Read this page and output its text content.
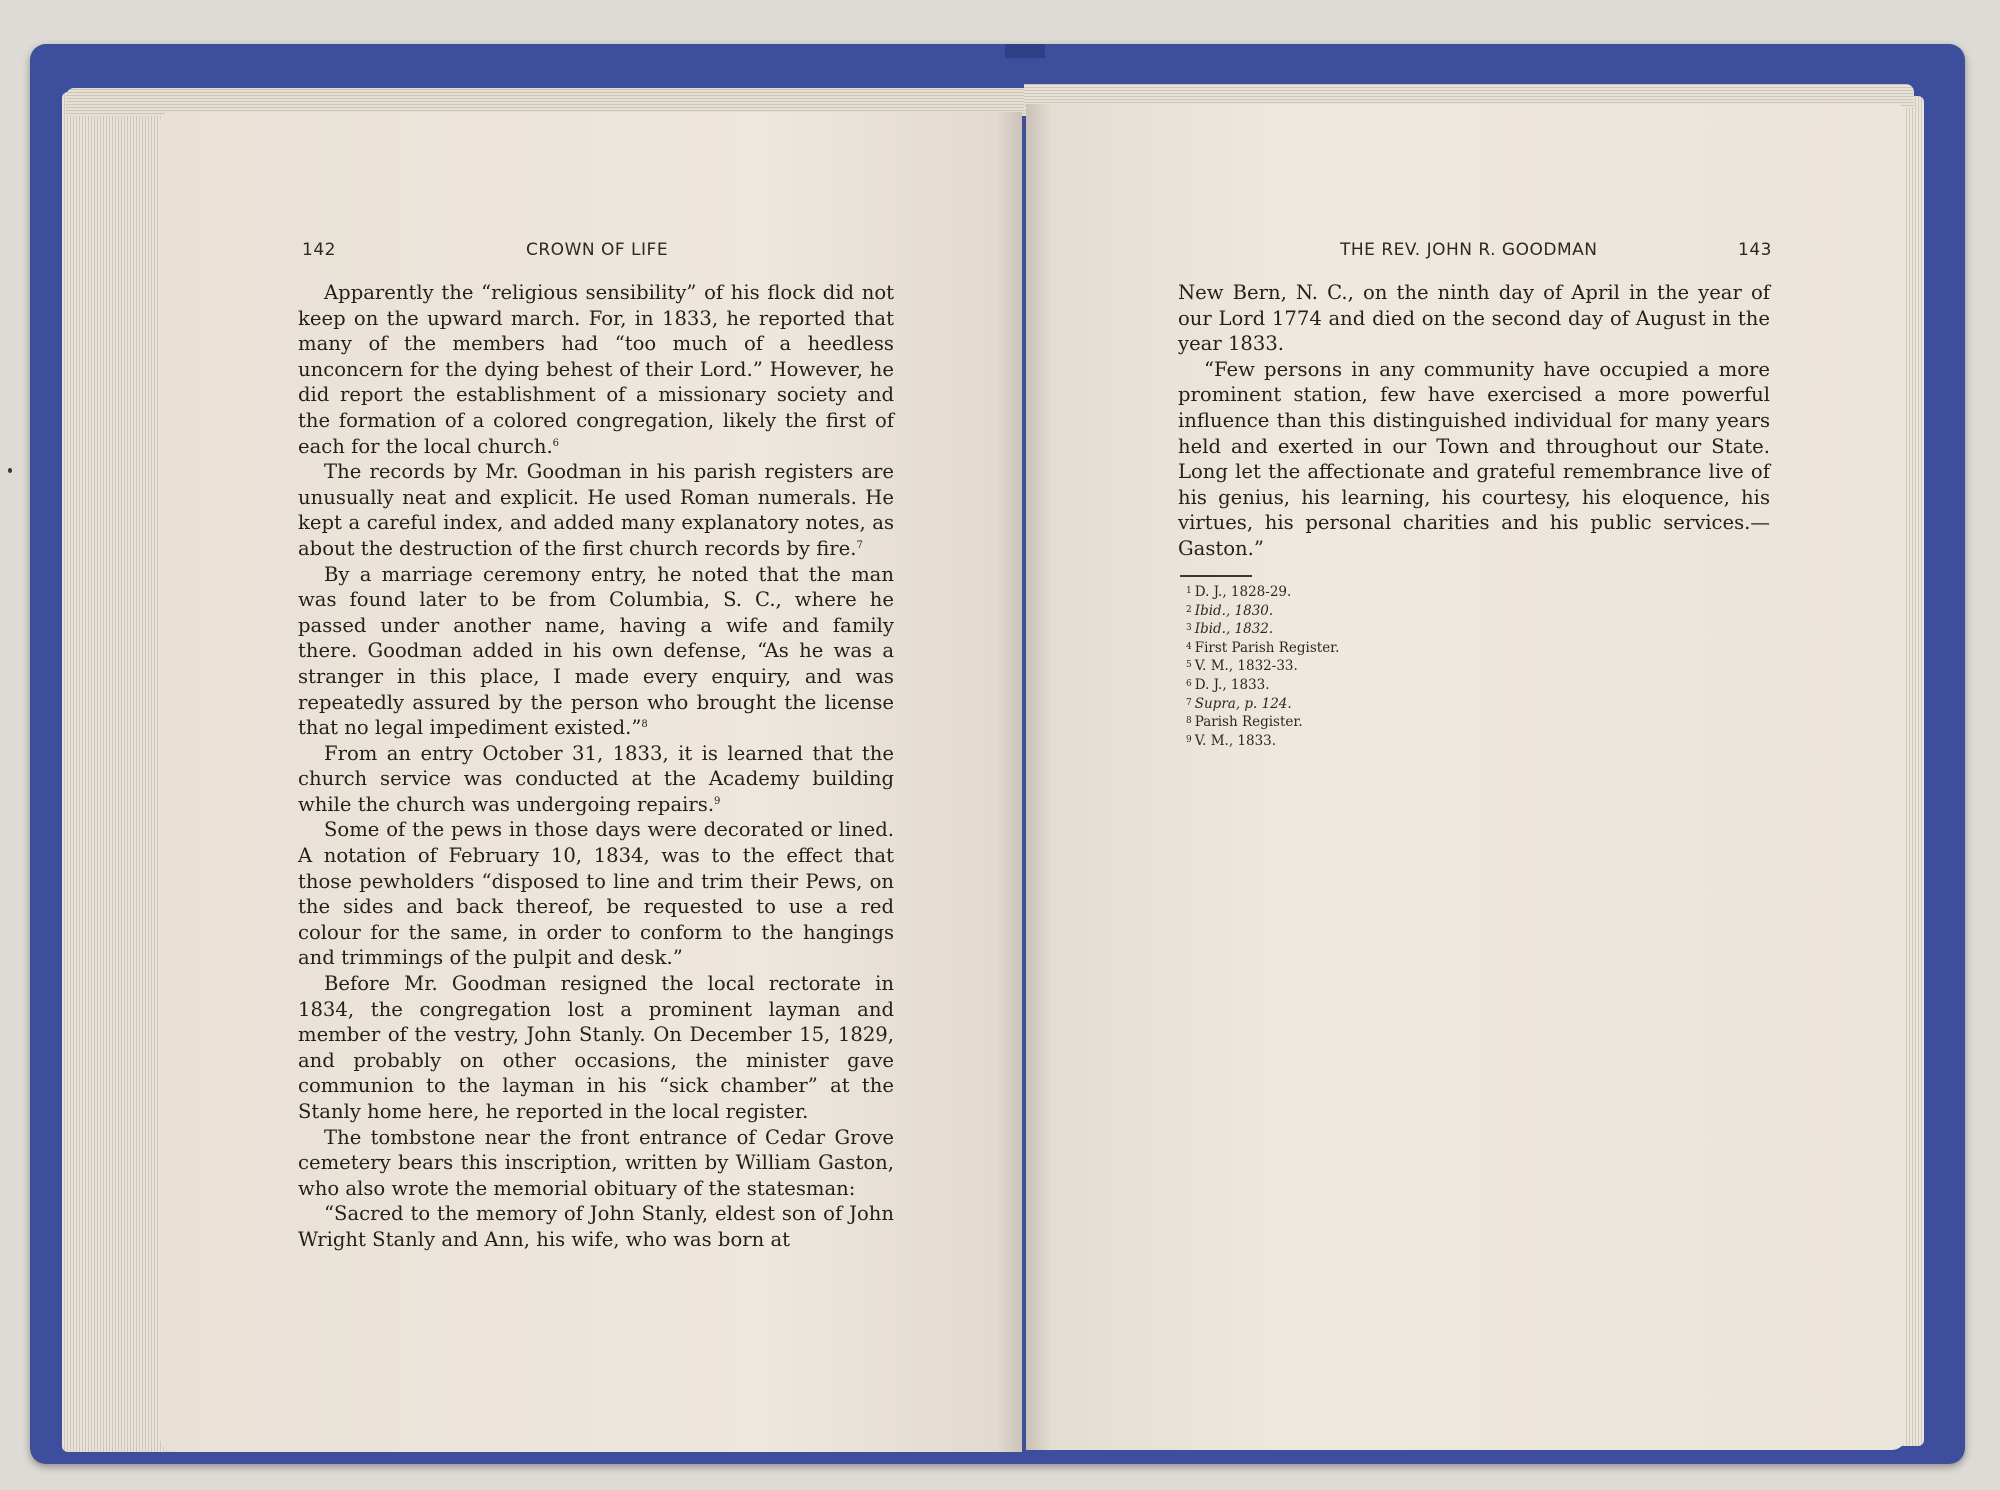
142	CROWN OF LIFE	THE REV. JOHN R. GOODMAN	143

Apparently the “religious sensibility” of his flock did not keep on the upward march. For, in 1833, he reported that many of the members had “too much of a heedless unconcern for the dying behest of their Lord.” However, he did report the establishment of a missionary society and the formation of a colored congregation, likely the first of each for the local church.$^6$

The records by Mr. Goodman in his parish registers are unusually neat and explicit. He used Roman numerals. He kept a careful index, and added many explanatory notes, as about the destruction of the first church records by fire.$^7$

By a marriage ceremony entry, he noted that the man was found later to be from Columbia, S. C., where he passed under another name, having a wife and family there. Goodman added in his own defense, “As he was a stranger in this place, I made every enquiry, and was repeatedly assured by the person who brought the license that no legal impediment existed.”$^8$

From an entry October 31, 1833, it is learned that the church service was conducted at the Academy building while the church was undergoing repairs.$^9$

Some of the pews in those days were decorated or lined. A notation of February 10, 1834, was to the effect that those pewholders “disposed to line and trim their Pews, on the sides and back thereof, be requested to use a red colour for the same, in order to conform to the hangings and trimmings of the pulpit and desk.”

Before Mr. Goodman resigned the local rectorate in 1834, the congregation lost a prominent layman and member of the vestry, John Stanly. On December 15, 1829, and probably on other occasions, the minister gave communion to the layman in his “sick chamber” at the Stanly home here, he reported in the local register.

The tombstone near the front entrance of Cedar Grove cemetery bears this inscription, written by William Gaston, who also wrote the memorial obituary of the statesman:

“Sacred to the memory of John Stanly, eldest son of John Wright Stanly and Ann, his wife, who was born at

New Bern, N. C., on the ninth day of April in the year of our Lord 1774 and died on the second day of August in the year 1833.

“Few persons in any community have occupied a more prominent station, few have exercised a more powerful influence than this distinguished individual for many years held and exerted in our Town and throughout our State. Long let the affectionate and grateful remembrance live of his genius, his learning, his courtesy, his eloquence, his virtues, his personal charities and his public services.—Gaston.”

$^1$ D. J., 1828-29.
$^2$ Ibid., 1830.
$^3$ Ibid., 1832.
$^4$ First Parish Register.
$^5$ V. M., 1832-33.
$^6$ D. J., 1833.
$^7$ Supra, p. 124.
$^8$ Parish Register.
$^9$ V. M., 1833.
